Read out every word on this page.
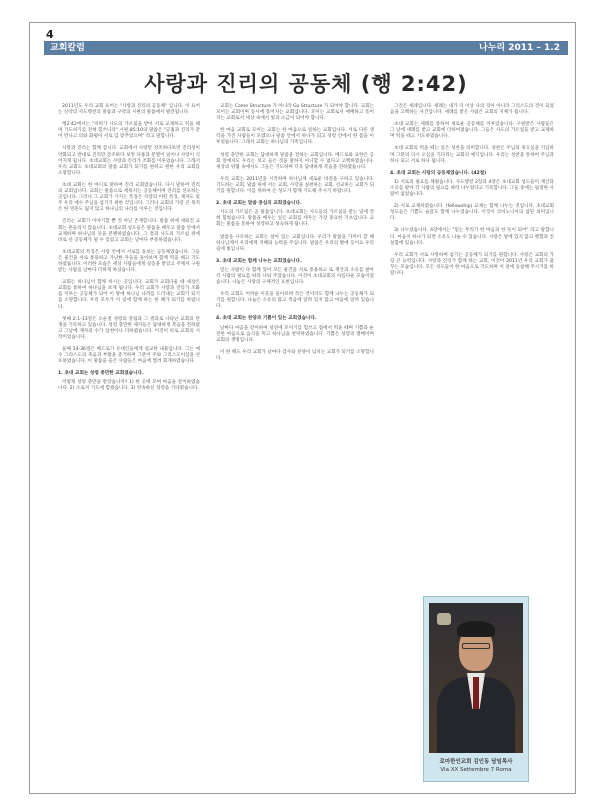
4
교회칼럼	나누리 2011 – 1.2
사랑과 진리의 공동체 (행 2:42)

2011년도 우리 교회 표어는 "사랑과 진리의 공동체" 입니다. 이 표어는 신약의 사도행전의 말씀과 구약의 시편의 말씀에서 발견됩니다.

행2:42에서는 "저희가 사도의 가르침을 받아 서로 교제하고 떡을 떼며 기도하기를 전혀 힘쓰니라" 시편 85:10의 말씀은 "긍휼과 진리가 같이 만나고 의와 화평이 서로 입 맞추었으며" 라고 말합니다.

사랑과 진리는 함께 갑니다. 교회에서 사랑만 강조하다보면 진리성이 약화되고 반대로 진리만 강조하다 보면 다툼과 분열이 일어나 사랑이 식어지게 됩니다. 초대교회는 사랑과 진리가 조화를 이루었습니다. 그래서 우리 교회도 초대교회의 말씀 교회가 되기를 원하고 원한 우리 교회를 소망합니다.

초대 교회는 한 마디로 말하여 진리 교회였습니다. 다시 말하여 진리의 교회입니다. 교회는 말씀으로 세워지는 공동체이며 진리를 선포하는 곳입니다. 그러나 그 교회가 가지는 특징은 사랑의 어떤 특징, 제자도 및 주 우리 예수 주님을 섬기기 위한 것입니다. 그러나 교회의 가장 큰 목적은 한 영혼도 잃지 않고 하나님의 나라를 이루는 것입니다.

진리는 교회가 이야기할 뿐 것 아닌 존재합니다. 말씀 위에 세워진 교회는 흔들리지 않습니다. 초대교회 성도들은 말씀을 배우고 말씀 안에서 교제하며 하나님의 뜻을 분별하였습니다. 그 결과 사도의 가르침 위에 바로 선 공동체가 될 수 있었고 교회는 날마다 부흥하였습니다.

초대교회의 특징은 사랑 안에서 서로를 돌보는 공동체였습니다. 그들은 물건을 서로 통용하고 가난한 자들을 돌아보며 함께 떡을 떼고 기도하였습니다. 이러한 모습은 세상 사람들에게 칭송을 받았고 주께서 구원받는 사람을 날마다 더하게 하셨습니다.

교회는 하나님이 함께 하시는 곳입니다. 교회가 교회다울 때 세상은 교회를 통하여 하나님을 보게 됩니다. 우리 교회가 사랑과 진리가 조화를 이루는 공동체가 되어 이 땅에 하나님 나라를 드러내는 교회가 되기를 소망합니다. 우리 모두가 이 일에 함께 하는 한 해가 되기를 바랍니다.

첫째 2:1-13절은 오순절 성령의 강림과 그 결과로 나타난 교회의 탄생을 기록하고 있습니다. 성령 충만한 제자들은 담대하게 복음을 전하였고 그날에 제자의 수가 삼천이나 더하였습니다. 이것이 바로 교회의 시작이었습니다.

둘째 14-36절은 베드로가 유대인들에게 설교한 내용입니다. 그는 예수 그리스도의 죽음과 부활을 증거하며 그분이 주와 그리스도이심을 선포하였습니다. 이 말씀을 들은 사람들은 마음에 찔려 회개하였습니다.

1. 초대 교회는 성령 충만한 교회였습니다.

어떻게 성령 충만을 받았습니까? 1) 한 곳에 모여 마음을 같이하였습니다. 2) 오로지 기도에 힘썼습니다. 3) 약속하신 성령을 기다렸습니다.

교회는 Come Structure 가 아니라 Go Structure 가 되어야 합니다. 교회는 모이는 교회이며 동시에 흩어지는 교회입니다. 모이는 교회로서 예배하고 흩어지는 교회로서 세상 속에서 빛과 소금이 되어야 합니다.

한 마음 교회로 모이는 교회는 한 마음으로 일하는 교회입니다. 서로 다른 생각을 가진 사람들이 모였으나 말씀 안에서 하나가 되고 성령 안에서 한 몸을 이루었습니다. 그래서 교회는 하나님의 가족입니다.

성령 충만한 교회는 담대하게 말씀을 전하는 교회입니다. 베드로와 요한은 공회 앞에서도 우리는 보고 들은 것을 말하지 아니할 수 없다고 고백하였습니다. 세상의 위협 속에서도 그들은 기도하며 더욱 담대하게 복음을 전하였습니다.

우리 교회는 2011년을 시작하며 하나님께 새로운 비전을 구하고 있습니다. 기도하는 교회, 말씀 위에 서는 교회, 사랑을 실천하는 교회, 선교하는 교회가 되기를 원합니다. 이를 위하여 온 성도가 함께 기도해 주시기 바랍니다.

2. 초대 교회는 말씀 중심의 교회였습니다.

사도의 가르침은 곧 말씀입니다. 초대교회는 사도들의 가르침을 받는 일에 전혀 힘썼습니다. 말씀을 배우는 일은 교회를 세우는 가장 중요한 기초입니다. 교회는 말씀을 통하여 성장하고 성숙하게 됩니다.

말씀을 사모하는 교회는 살아 있는 교회입니다. 우리가 말씀을 가까이 할 때 하나님께서 우리에게 지혜와 능력을 주십니다. 말씀은 우리의 발에 등이요 우리 길에 빛입니다.

3. 초대 교회는 함께 나누는 교회였습니다.

믿는 사람이 다 함께 있어 모든 물건을 서로 통용하고 또 재산과 소유를 팔아 각 사람의 필요를 따라 나눠 주었습니다. 이것이 초대교회의 아름다운 모습이었습니다. 나눔은 사랑의 구체적인 표현입니다.

우리 교회도 어려운 이웃을 돌아보며 작은 것이라도 함께 나누는 공동체가 되기를 원합니다. 나눔은 소유의 많고 적음에 달려 있지 않고 마음에 달려 있습니다.

4. 초대 교회는 찬양과 기쁨이 있는 교회였습니다.

날마다 마음을 같이하여 성전에 모이기를 힘쓰고 집에서 떡을 떼며 기쁨과 순전한 마음으로 음식을 먹고 하나님을 찬미하였습니다. 기쁨은 성령의 열매이며 교회의 생명입니다.

이 한 해도 우리 교회가 날마다 감사와 찬양이 넘치는 교회가 되기를 소망합니다.

그것은 세례입니다. 세례는 내가 더 이상 나의 것이 아니라 그리스도의 것이 되었음을 고백하는 사건입니다. 세례를 받은 사람은 교회의 지체가 됩니다.

초대 교회는 세례를 통하여 새로운 공동체를 이루었습니다. 구원받은 사람들은 그 날에 세례를 받고 교회에 더하여졌습니다. 그들은 사도의 가르침을 받고 교제하며 떡을 떼고 기도하였습니다.

초대 교회의 떡을 떼는 일은 성찬을 의미합니다. 성찬은 주님의 죽으심을 기념하며 그분의 다시 오심을 기다리는 교회의 예식입니다. 우리는 성찬을 통하여 주님과 하나 되고 서로 하나 됩니다.

4. 초대 교회는 사랑의 공동체였습니다. (42절)

1) 서로의 필요를 채웠습니다. 사도행전 2장과 4장은 초대교회 성도들이 재산과 소유를 팔아 각 사람의 필요를 따라 나누었다고 기록합니다. 그들 중에는 핍절한 사람이 없었습니다.

2) 서로 교제하였습니다. (fellowship) 교제는 함께 나누는 것입니다. 초대교회 성도들은 기쁨도 슬픔도 함께 나누었습니다. 이것이 코이노니아의 참된 의미입니다.

3) 나누었습니다. 4장에서는 "믿는 무리가 한 마음과 한 뜻이 되어" 라고 말합니다. 마음이 하나가 되면 소유도 나눌 수 있습니다. 사랑은 말에 있지 않고 행함과 진실함에 있습니다.

우리 교회가 서로 사랑하며 섬기는 공동체가 되기를 원합니다. 사랑은 교회의 가장 큰 능력입니다. 사랑과 진리가 함께 하는 교회, 이것이 2011년 우리 교회가 꿈꾸는 모습입니다. 모든 성도들이 한 마음으로 기도하며 이 일에 동참해 주시기를 바랍니다.

로마한인교회 김인동 담임목사
Via XX Settembre 7 Roma
